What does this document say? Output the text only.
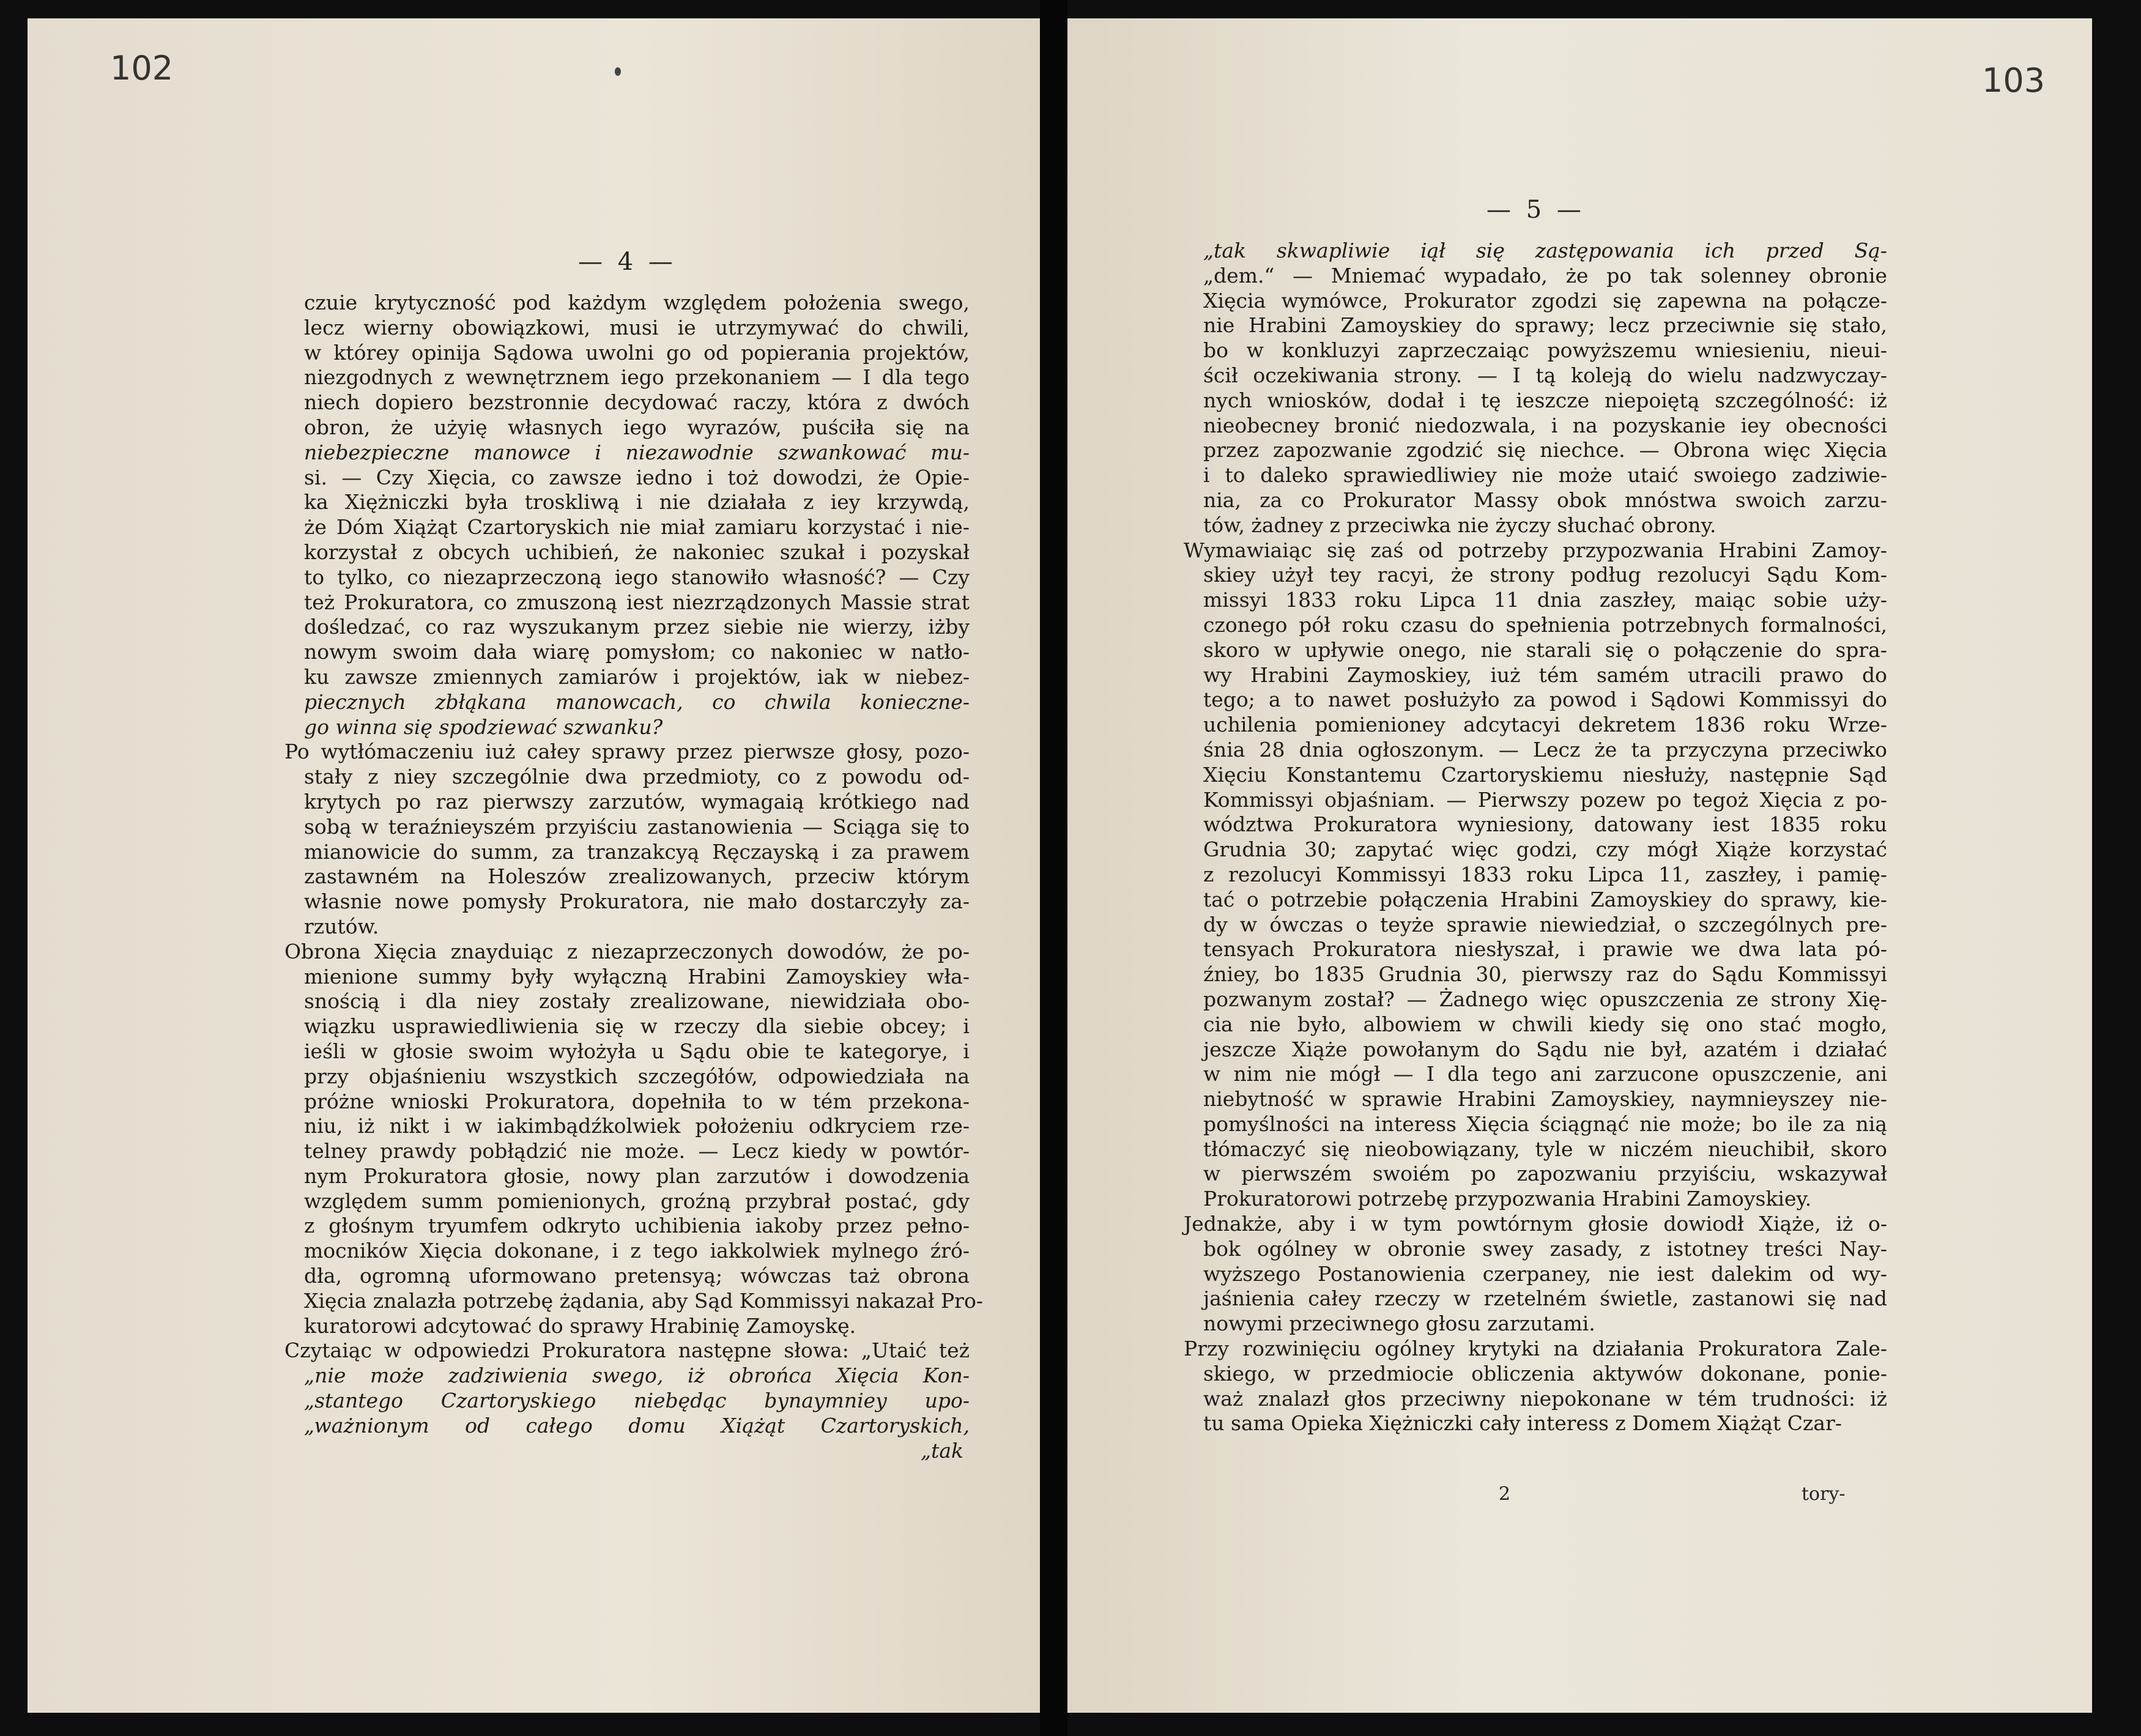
102	103
— 4 —
— 5 —
czuie krytyczność pod każdym względem położenia swego,
lecz wierny obowiązkowi, musi ie utrzymywać do chwili,
w którey opinija Sądowa uwolni go od popierania projektów,
niezgodnych z wewnętrznem iego przekonaniem — I dla tego
niech dopiero bezstronnie decydować raczy, która z dwóch
obron, że użyię własnych iego wyrazów, puściła się na
niebezpieczne manowce i niezawodnie szwankować mu-
si. — Czy Xięcia, co zawsze iedno i toż dowodzi, że Opie-
ka Xiężniczki była troskliwą i nie działała z iey krzywdą,
że Dóm Xiążąt Czartoryskich nie miał zamiaru korzystać i nie-
korzystał z obcych uchibień, że nakoniec szukał i pozyskał
to tylko, co niezaprzeczoną iego stanowiło własność? — Czy
też Prokuratora, co zmuszoną iest niezrządzonych Massie strat
dośledzać, co raz wyszukanym przez siebie nie wierzy, iżby
nowym swoim dała wiarę pomysłom; co nakoniec w natło-
ku zawsze zmiennych zamiarów i projektów, iak w niebez-
piecznych zbłąkana manowcach, co chwila konieczne-
go winna się spodziewać szwanku?
Po wytłómaczeniu iuż całey sprawy przez pierwsze głosy, pozo-
stały z niey szczególnie dwa przedmioty, co z powodu od-
krytych po raz pierwszy zarzutów, wymagaią krótkiego nad
sobą w teraźnieyszém przyiściu zastanowienia — Sciąga się to
mianowicie do summ, za tranzakcyą Ręczayską i za prawem
zastawném na Holeszów zrealizowanych, przeciw którym
własnie nowe pomysły Prokuratora, nie mało dostarczyły za-
rzutów.
Obrona Xięcia znayduiąc z niezaprzeczonych dowodów, że po-
mienione summy były wyłączną Hrabini Zamoyskiey wła-
snością i dla niey zostały zrealizowane, niewidziała obo-
wiązku usprawiedliwienia się w rzeczy dla siebie obcey; i
ieśli w głosie swoim wyłożyła u Sądu obie te kategorye, i
przy objaśnieniu wszystkich szczegółów, odpowiedziała na
próżne wnioski Prokuratora, dopełniła to w tém przekona-
niu, iż nikt i w iakimbądźkolwiek położeniu odkryciem rze-
telney prawdy pobłądzić nie może. — Lecz kiedy w powtór-
nym Prokuratora głosie, nowy plan zarzutów i dowodzenia
względem summ pomienionych, groźną przybrał postać, gdy
z głośnym tryumfem odkryto uchibienia iakoby przez pełno-
mocników Xięcia dokonane, i z tego iakkolwiek mylnego źró-
dła, ogromną uformowano pretensyą; wówczas taż obrona
Xięcia znalazła potrzebę żądania, aby Sąd Kommissyi nakazał Pro-
kuratorowi adcytować do sprawy Hrabinię Zamoyskę.
Czytaiąc w odpowiedzi Prokuratora następne słowa: „Utaić też
„nie może zadziwienia swego, iż obrońca Xięcia Kon-
„stantego Czartoryskiego niebędąc bynaymniey upo-
„ważnionym od całego domu Xiążąt Czartoryskich,
„tak
„tak skwapliwie iął się zastępowania ich przed Są-
„dem.“ — Mniemać wypadało, że po tak solenney obronie
Xięcia wymówce, Prokurator zgodzi się zapewna na połącze-
nie Hrabini Zamoyskiey do sprawy; lecz przeciwnie się stało,
bo w konkluzyi zaprzeczaiąc powyższemu wniesieniu, nieui-
ścił oczekiwania strony. — I tą koleją do wielu nadzwyczay-
nych wniosków, dodał i tę ieszcze niepoiętą szczególność: iż
nieobecney bronić niedozwala, i na pozyskanie iey obecności
przez zapozwanie zgodzić się niechce. — Obrona więc Xięcia
i to daleko sprawiedliwiey nie może utaić swoiego zadziwie-
nia, za co Prokurator Massy obok mnóstwa swoich zarzu-
tów, żadney z przeciwka nie życzy słuchać obrony.
Wymawiaiąc się zaś od potrzeby przypozwania Hrabini Zamoy-
skiey użył tey racyi, że strony podług rezolucyi Sądu Kom-
missyi 1833 roku Lipca 11 dnia zaszłey, maiąc sobie uży-
czonego pół roku czasu do spełnienia potrzebnych formalności,
skoro w upływie onego, nie starali się o połączenie do spra-
wy Hrabini Zaymoskiey, iuż tém samém utracili prawo do
tego; a to nawet posłużyło za powod i Sądowi Kommissyi do
uchilenia pomienioney adcytacyi dekretem 1836 roku Wrze-
śnia 28 dnia ogłoszonym. — Lecz że ta przyczyna przeciwko
Xięciu Konstantemu Czartoryskiemu niesłuży, następnie Sąd
Kommissyi objaśniam. — Pierwszy pozew po tegoż Xięcia z po-
wództwa Prokuratora wyniesiony, datowany iest 1835 roku
Grudnia 30; zapytać więc godzi, czy mógł Xiąże korzystać
z rezolucyi Kommissyi 1833 roku Lipca 11, zaszłey, i pamię-
tać o potrzebie połączenia Hrabini Zamoyskiey do sprawy, kie-
dy w ówczas o teyże sprawie niewiedział, o szczególnych pre-
tensyach Prokuratora niesłyszał, i prawie we dwa lata pó-
źniey, bo 1835 Grudnia 30, pierwszy raz do Sądu Kommissyi
pozwanym został? — Żadnego więc opuszczenia ze strony Xię-
cia nie było, albowiem w chwili kiedy się ono stać mogło,
jeszcze Xiąże powołanym do Sądu nie był, azatém i działać
w nim nie mógł — I dla tego ani zarzucone opuszczenie, ani
niebytność w sprawie Hrabini Zamoyskiey, naymnieyszey nie-
pomyślności na interess Xięcia ściągnąć nie może; bo ile za nią
tłómaczyć się nieobowiązany, tyle w niczém nieuchibił, skoro
w pierwszém swoiém po zapozwaniu przyiściu, wskazywał
Prokuratorowi potrzebę przypozwania Hrabini Zamoyskiey.
Jednakże, aby i w tym powtórnym głosie dowiodł Xiąże, iż o-
bok ogólney w obronie swey zasady, z istotney treści Nay-
wyższego Postanowienia czerpaney, nie iest dalekim od wy-
jaśnienia całey rzeczy w rzetelném świetle, zastanowi się nad
nowymi przeciwnego głosu zarzutami.
Przy rozwinięciu ogólney krytyki na działania Prokuratora Zale-
skiego, w przedmiocie obliczenia aktywów dokonane, ponie-
waż znalazł głos przeciwny niepokonane w tém trudności: iż
tu sama Opieka Xiężniczki cały interess z Domem Xiążąt Czar-
2	tory-
